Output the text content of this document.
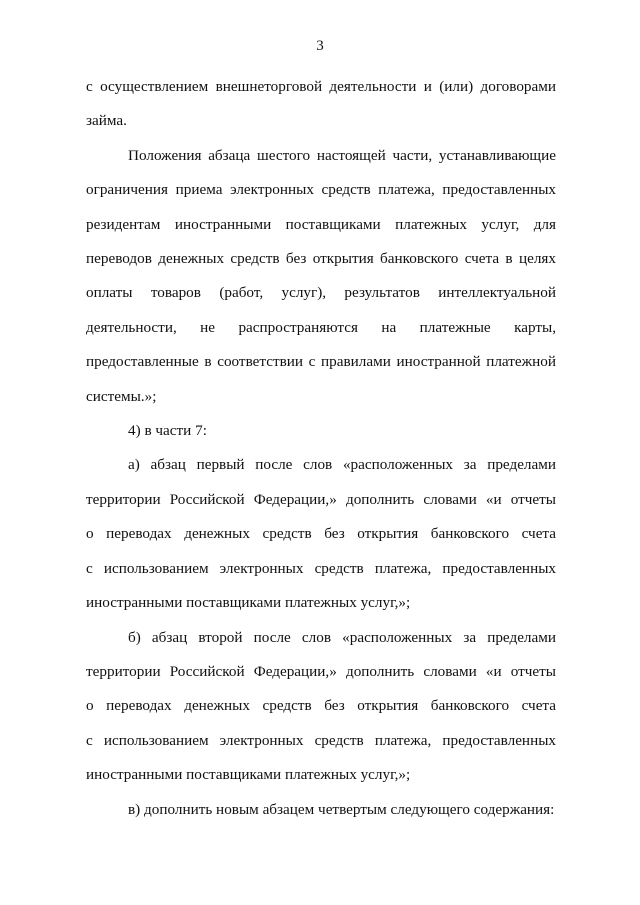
3

с осуществлением внешнеторговой деятельности и (или) договорами
займа.

Положения абзаца шестого настоящей части, устанавливающие
ограничения приема электронных средств платежа, предоставленных
резидентам иностранными поставщиками платежных услуг, для
переводов денежных средств без открытия банковского счета в целях
оплаты товаров (работ, услуг), результатов интеллектуальной
деятельности, не распространяются на платежные карты,
предоставленные в соответствии с правилами иностранной платежной
системы.»;

4) в части 7:

а) абзац первый после слов «расположенных за пределами
территории Российской Федерации,» дополнить словами «и отчеты
о переводах денежных средств без открытия банковского счета
с использованием электронных средств платежа, предоставленных
иностранными поставщиками платежных услуг,»;

б) абзац второй после слов «расположенных за пределами
территории Российской Федерации,» дополнить словами «и отчеты
о переводах денежных средств без открытия банковского счета
с использованием электронных средств платежа, предоставленных
иностранными поставщиками платежных услуг,»;

в) дополнить новым абзацем четвертым следующего содержания:
